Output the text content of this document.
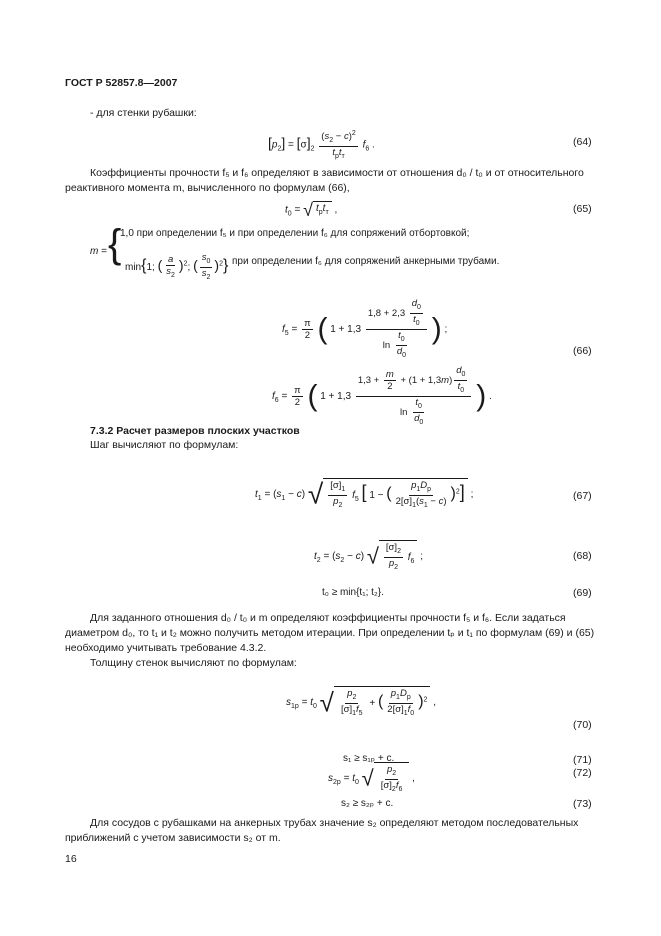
ГОСТ Р 52857.8—2007
- для стенки рубашки:
$[p_2] = [\sigma]_2 \frac{(s_2 - c)^2}{t_рt_т} f_6$ .	(64)
Коэффициенты прочности f₅ и f₆ определяют в зависимости от отношения d₀ / t₀ и от относительного
реактивного момента m, вычисленного по формулам (66),
$t_0$ = √ $t_рt_т$ ,	(65)
m = {
1,0 при определении f₅ и при определении f₆ для сопряжений отбортовкой;
min{1; ( $\frac{a}{s_2} )^2$; ( $\frac{s_0}{s_2} )^2$} при определении f₆ для сопряжений анкерными трубами.
$f_5 = \frac{\pi}{2}$ ( $1 + 1,3 \frac{1,8 + 2,3 \frac{d_0}{t_0}}{\ln \frac{t_0}{d_0}}$ ) ;
(66)
$f_6 = \frac{\pi}{2}$ ( $1 + 1,3 \frac{1,3 + \frac{m}{2} + (1 + 1,3m) \frac{d_0}{t_0}}{\ln \frac{t_0}{d_0}}$ ) .
7.3.2 Расчет размеров плоских участков
Шаг вычисляют по формулам:
$t_1 = (s_1 - c)$ √ $\frac{[\sigma]_1}{p_2} f_5$ [ 1 − ( $\frac{p_1D_р}{2[\sigma]_1(s_1 - c)} )^2$] ;	(67)
$t_2 = (s_2 - c)$ √ $\frac{[\sigma]_2}{p_2} f_6$ ;	(68)
t₀ ≥ min{t₁; t₂}.	(69)
Для заданного отношения d₀ / t₀ и m определяют коэффициенты прочности f₅ и f₆. Если задаться
диаметром d₀, то t₁ и t₂ можно получить методом итерации. При определении tₚ и t₁ по формулам (69) и (65)
необходимо учитывать требование 4.3.2.
Толщину стенок вычисляют по формулам:
$s_{1р} = t_0$ √ $\frac{p_2}{[\sigma]_1f_5}$ + ( $\frac{p_1D_р}{2[\sigma]_1f_0} )^2$ ,
(70)
s₁ ≥ s₁ₚ + c.	(71)
$s_{2р} = t_0$ √ $\frac{p_2}{[\sigma]_2f_6}$ ,	(72)
s₂ ≥ s₂ₚ + c.	(73)
Для сосудов с рубашками на анкерных трубах значение s₂ определяют методом последовательных
приближений с учетом зависимости s₂ от m.
16
